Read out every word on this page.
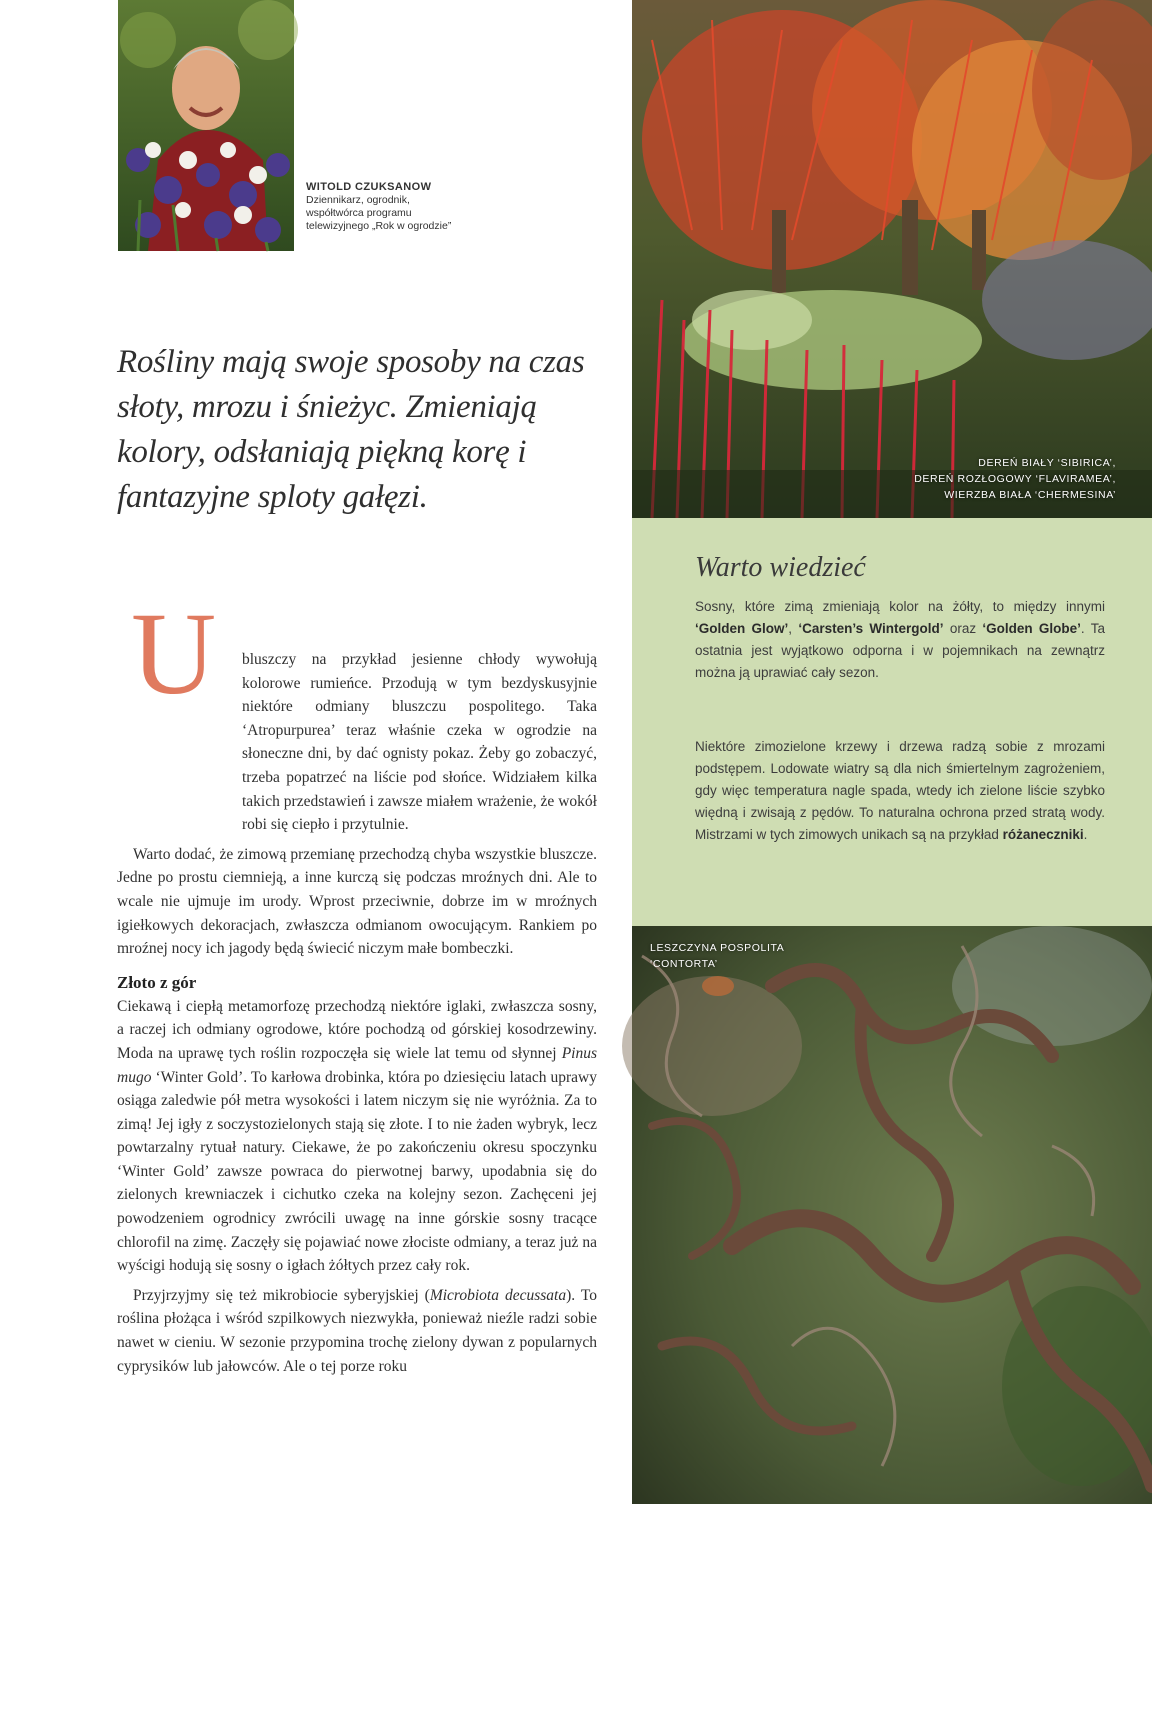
WITOLD CZUKSANOW
Dziennikarz, ogrodnik, współtwórca programu telewizyjnego „Rok w ogrodzie”
Rośliny mają swoje sposoby na czas słoty, mrozu i śnieżyc. Zmieniają kolory, odsłaniają piękną korę i fantazyjne sploty gałęzi.
DEREŃ BIAŁY ‘SIBIRICA’,
DEREŃ ROZŁOGOWY ‘FLAVIRAMEA’,
WIERZBA BIAŁA ‘CHERMESINA’
Warto wiedzieć
Sosny, które zimą zmieniają kolor na żółty, to między innymi ‘Golden Glow’, ‘Carsten’s Wintergold’ oraz ‘Golden Globe’. Ta ostatnia jest wyjątkowo odporna i w pojemnikach na zewnątrz można ją uprawiać cały sezon.
Niektóre zimozielone krzewy i drzewa radzą sobie z mrozami podstępem. Lodowate wiatry są dla nich śmiertelnym zagrożeniem, gdy więc temperatura nagle spada, wtedy ich zielone liście szybko więdną i zwisają z pędów. To naturalna ochrona przed stratą wody. Mistrzami w tych zimowych unikach są na przykład różaneczniki.
LESZCZYNA POSPOLITA
‘CONTORTA’
GRUDZIEŃ 2016 | 101
U bluszczy na przykład jesienne chłody wywołują kolorowe rumieńce. Przodują w tym bezdyskusyjnie niektóre odmiany bluszczu pospolitego. Taka ‘Atropurpurea’ teraz właśnie czeka w ogrodzie na słoneczne dni, by dać ognisty pokaz. Żeby go zobaczyć, trzeba popatrzeć na liście pod słońce. Widziałem kilka takich przedstawień i zawsze miałem wrażenie, że wokół robi się ciepło i przytulnie.

Warto dodać, że zimową przemianę przechodzą chyba wszystkie bluszcze. Jedne po prostu ciemnieją, a inne kurczą się podczas mroźnych dni. Ale to wcale nie ujmuje im urody. Wprost przeciwnie, dobrze im w mroźnych igiełkowych dekoracjach, zwłaszcza odmianom owocującym. Rankiem po mroźnej nocy ich jagody będą świecić niczym małe bombeczki.

Złoto z gór

Ciekawą i ciepłą metamorfozę przechodzą niektóre iglaki, zwłaszcza sosny, a raczej ich odmiany ogrodowe, które pochodzą od górskiej kosodrzewiny. Moda na uprawę tych roślin rozpoczęła się wiele lat temu od słynnej Pinus mugo ‘Winter Gold’. To karłowa drobinka, która po dziesięciu latach uprawy osiąga zaledwie pół metra wysokości i latem niczym się nie wyróżnia. Za to zimą! Jej igły z soczystozielonych stają się złote. I to nie żaden wybryk, lecz powtarzalny rytuał natury. Ciekawe, że po zakończeniu okresu spoczynku ‘Winter Gold’ zawsze powraca do pierwotnej barwy, upodabnia się do zielonych krewniaczek i cichutko czeka na kolejny sezon. Zachęceni jej powodzeniem ogrodnicy zwrócili uwagę na inne górskie sosny tracące chlorofil na zimę. Zaczęły się pojawiać nowe złociste odmiany, a teraz już na wyścigi hodują się sosny o igłach żółtych przez cały rok.

Przyjrzyjmy się też mikrobiocie syberyjskiej (Microbiota decussata). To roślina płożąca i wśród szpilkowych niezwykła, ponieważ nieźle radzi sobie nawet w cieniu. W sezonie przypomina trochę zielony dywan z popularnych cyprysików lub jałowców. Ale o tej porze roku
